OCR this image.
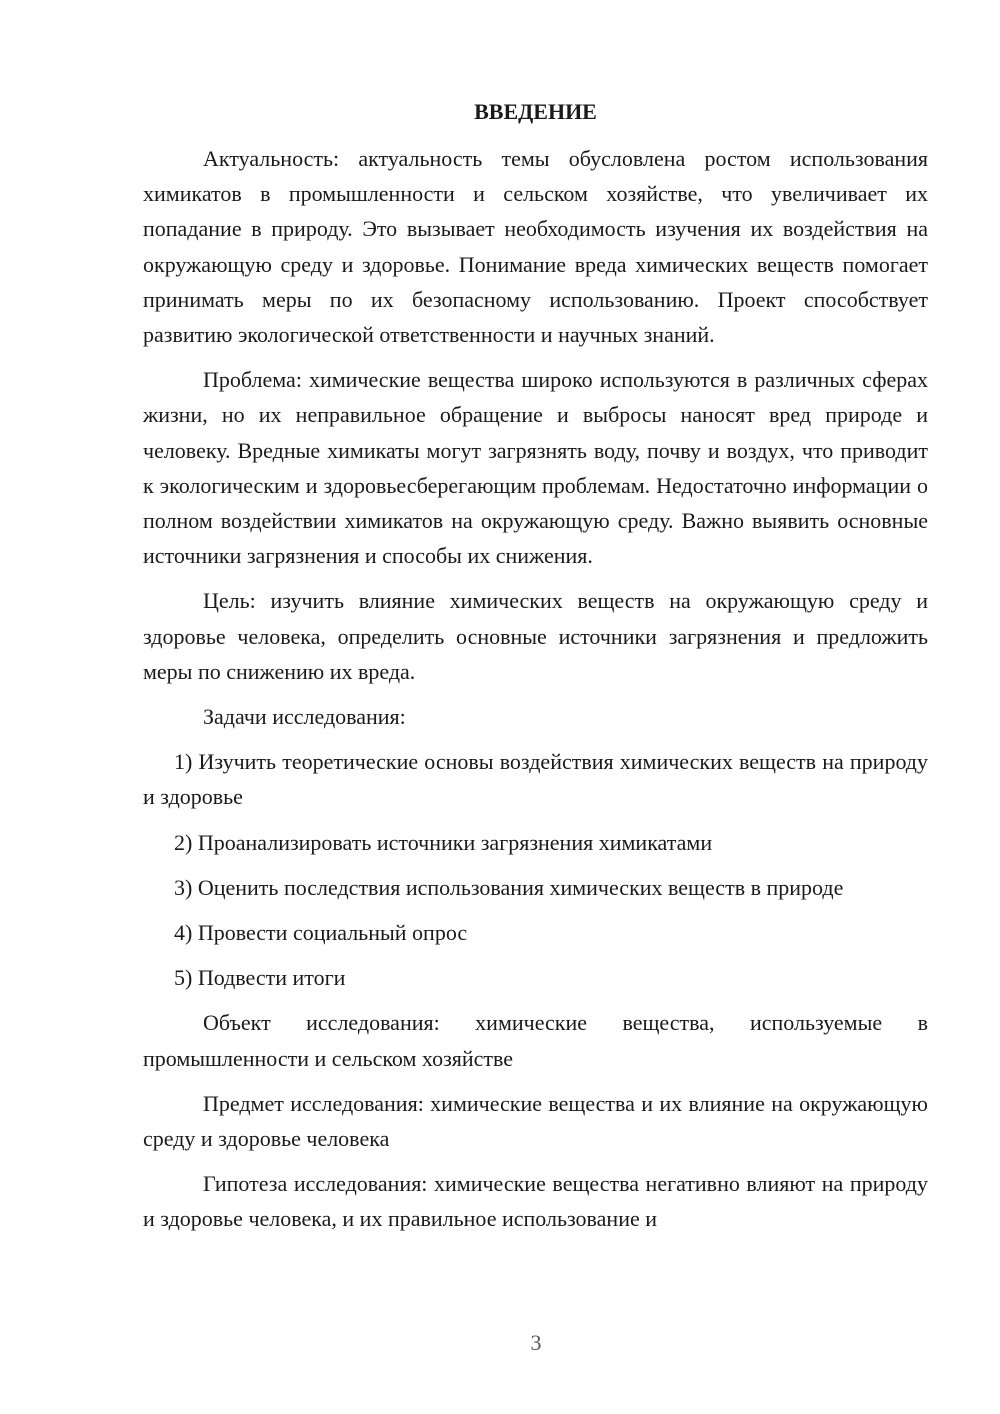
ВВЕДЕНИЕ

Актуальность: актуальность темы обусловлена ростом использования химикатов в промышленности и сельском хозяйстве, что увеличивает их попадание в природу. Это вызывает необходимость изучения их воздействия на окружающую среду и здоровье. Понимание вреда химических веществ помогает принимать меры по их безопасному использованию. Проект способствует развитию экологической ответственности и научных знаний.

Проблема: химические вещества широко используются в различных сферах жизни, но их неправильное обращение и выбросы наносят вред природе и человеку. Вредные химикаты могут загрязнять воду, почву и воздух, что приводит к экологическим и здоровьесберегающим проблемам. Недостаточно информации о полном воздействии химикатов на окружающую среду. Важно выявить основные источники загрязнения и способы их снижения.

Цель: изучить влияние химических веществ на окружающую среду и здоровье человека, определить основные источники загрязнения и предложить меры по снижению их вреда.

Задачи исследования:

1) Изучить теоретические основы воздействия химических веществ на природу и здоровье

2) Проанализировать источники загрязнения химикатами

3) Оценить последствия использования химических веществ в природе

4) Провести социальный опрос

5) Подвести итоги

Объект исследования: химические вещества, используемые в промышленности и сельском хозяйстве

Предмет исследования: химические вещества и их влияние на окружающую среду и здоровье человека

Гипотеза исследования: химические вещества негативно влияют на природу и здоровье человека, и их правильное использование и

3
